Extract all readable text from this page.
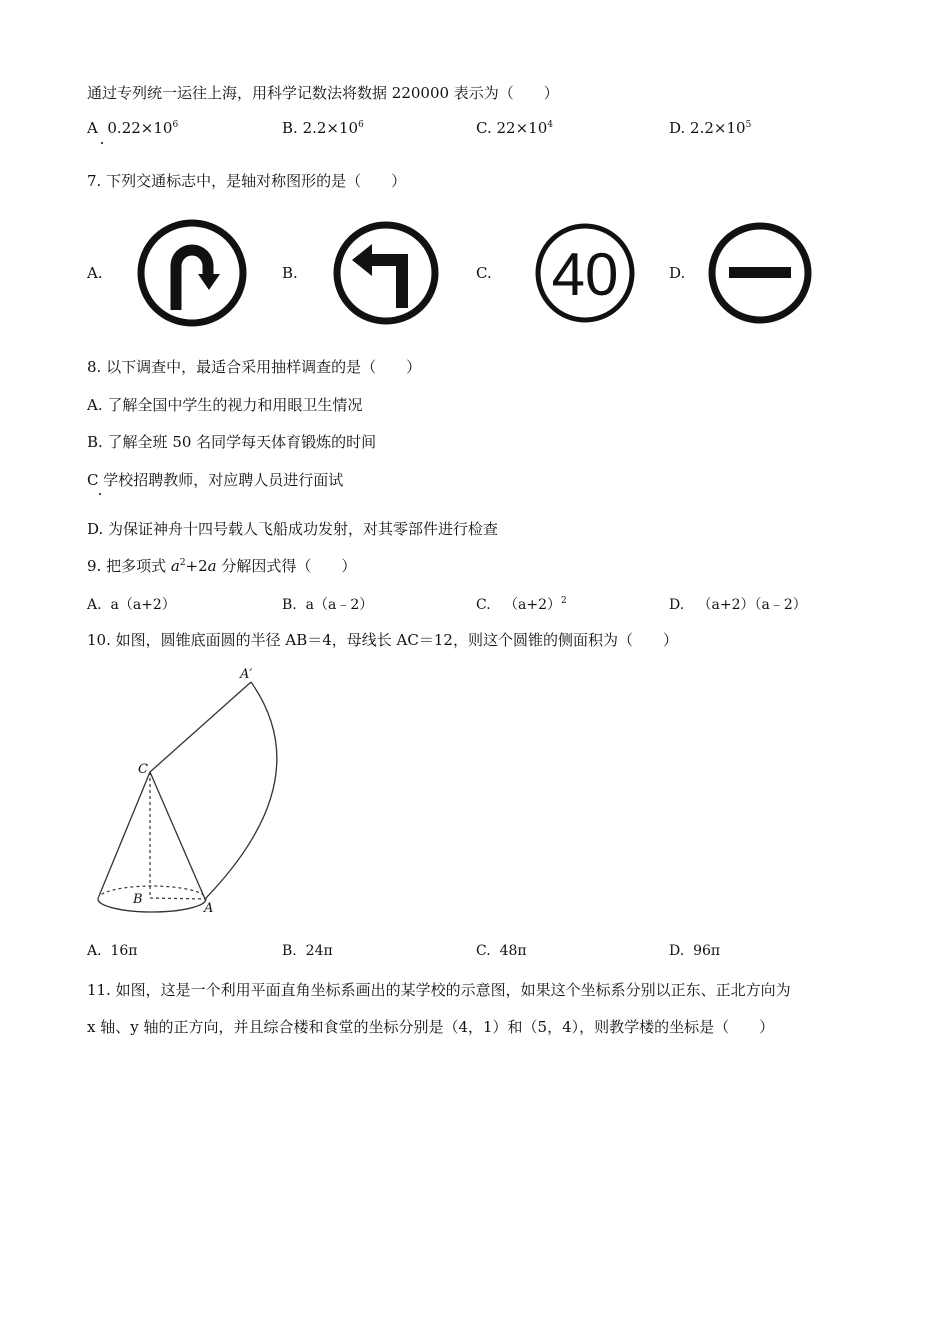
通过专列统一运往上海，用科学记数法将数据 220000 表示为（　　）
A $0.22\times 10^6$	B. $2.2\times 10^6$	C. $22\times 10^4$	D. $2.2\times 10^5$
7. 下列交通标志中，是轴对称图形的是（　　）
A.	B.	C.	D.
40
8. 以下调查中，最适合采用抽样调查的是（　　）
A. 了解全国中学生的视力和用眼卫生情况
B. 了解全班 50 名同学每天体育锻炼的时间
C 学校招聘教师，对应聘人员进行面试
D. 为保证神舟十四号载人飞船成功发射，对其零部件进行检查
9. 把多项式 $a^2+2a$ 分解因式得（　　）
A. a（a+2）	B. a（a﹣2）	C. $(a+2)^2$	D. （a+2）（a﹣2）
10. 如图，圆锥底面圆的半径 AB＝4，母线长 AC＝12，则这个圆锥的侧面积为（　　）
A′
C
B
A
A. 16π	B. 24π	C. 48π	D. 96π
11. 如图，这是一个利用平面直角坐标系画出的某学校的示意图，如果这个坐标系分别以正东、正北方向为
x 轴、y 轴的正方向，并且综合楼和食堂的坐标分别是（4，1）和（5，4），则教学楼的坐标是（　　）
